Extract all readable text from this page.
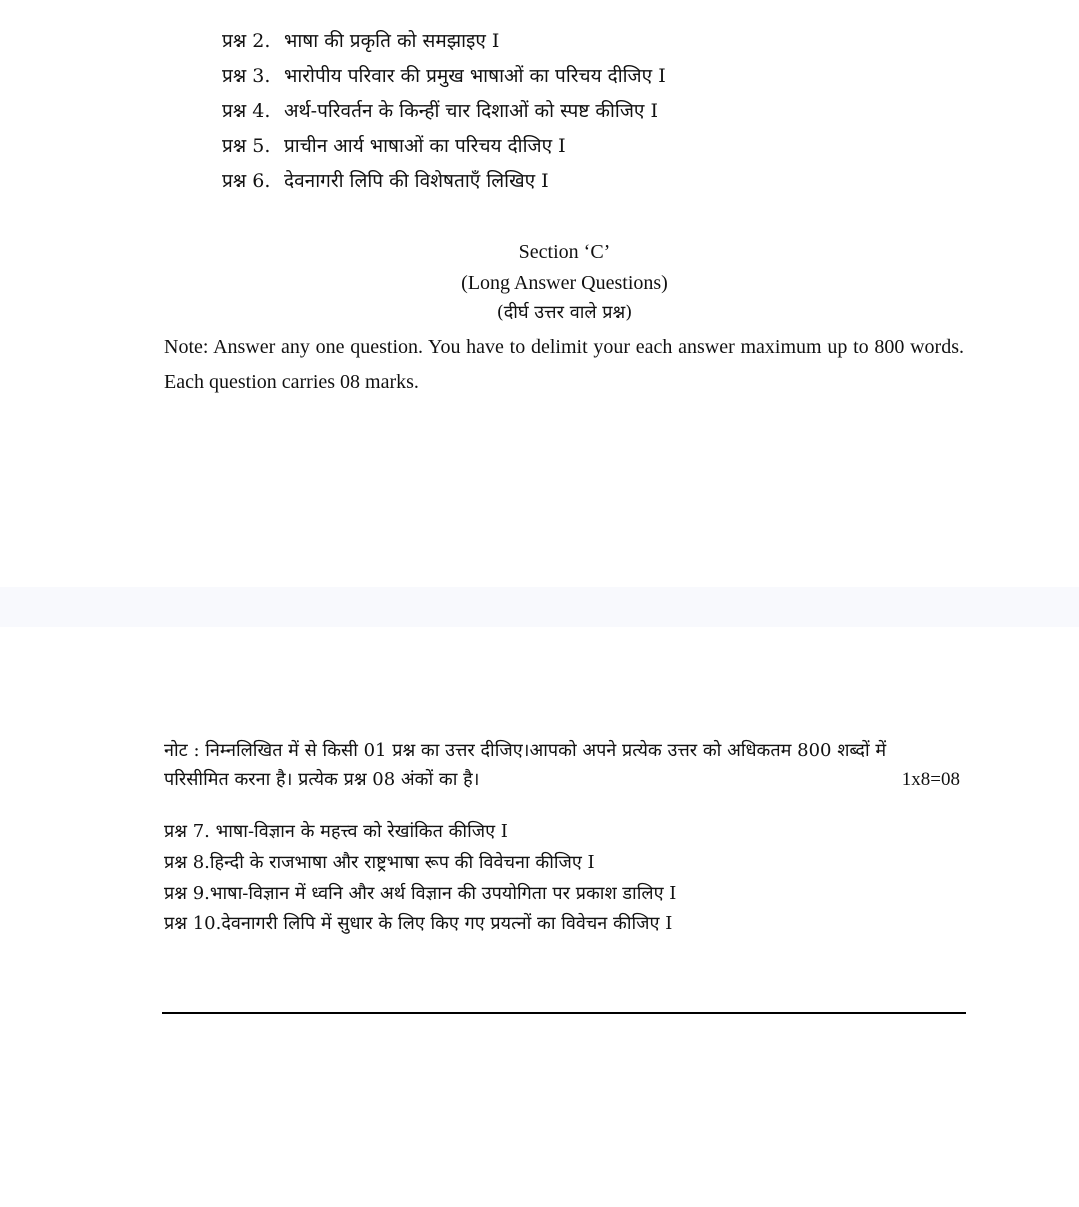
प्रश्न 2. भाषा की प्रकृति को समझाइए I
प्रश्न 3. भारोपीय परिवार की प्रमुख भाषाओं का परिचय दीजिए I
प्रश्न 4. अर्थ-परिवर्तन के किन्हीं चार दिशाओं को स्पष्ट कीजिए I
प्रश्न 5. प्राचीन आर्य भाषाओं का परिचय दीजिए I
प्रश्न 6. देवनागरी लिपि की विशेषताएँ लिखिए I
Section ‘C’
(Long Answer Questions)
(दीर्घ उत्तर वाले प्रश्न)
Note: Answer any one question. You have to delimit your each answer maximum up to 800 words. Each question carries 08 marks.
नोट : निम्नलिखित में से किसी 01 प्रश्न का उत्तर दीजिए।आपको अपने प्रत्येक उत्तर को अधिकतम 800 शब्दों में
परिसीमित करना है। प्रत्येक प्रश्न 08 अंकों का है।	1x8=08
प्रश्न 7. भाषा-विज्ञान के महत्त्व को रेखांकित कीजिए I
प्रश्न 8.हिन्दी के राजभाषा और राष्ट्रभाषा रूप की विवेचना कीजिए I
प्रश्न 9.भाषा-विज्ञान में ध्वनि और अर्थ विज्ञान की उपयोगिता पर प्रकाश डालिए I
प्रश्न 10.देवनागरी लिपि में सुधार के लिए किए गए प्रयत्नों का विवेचन कीजिए I
